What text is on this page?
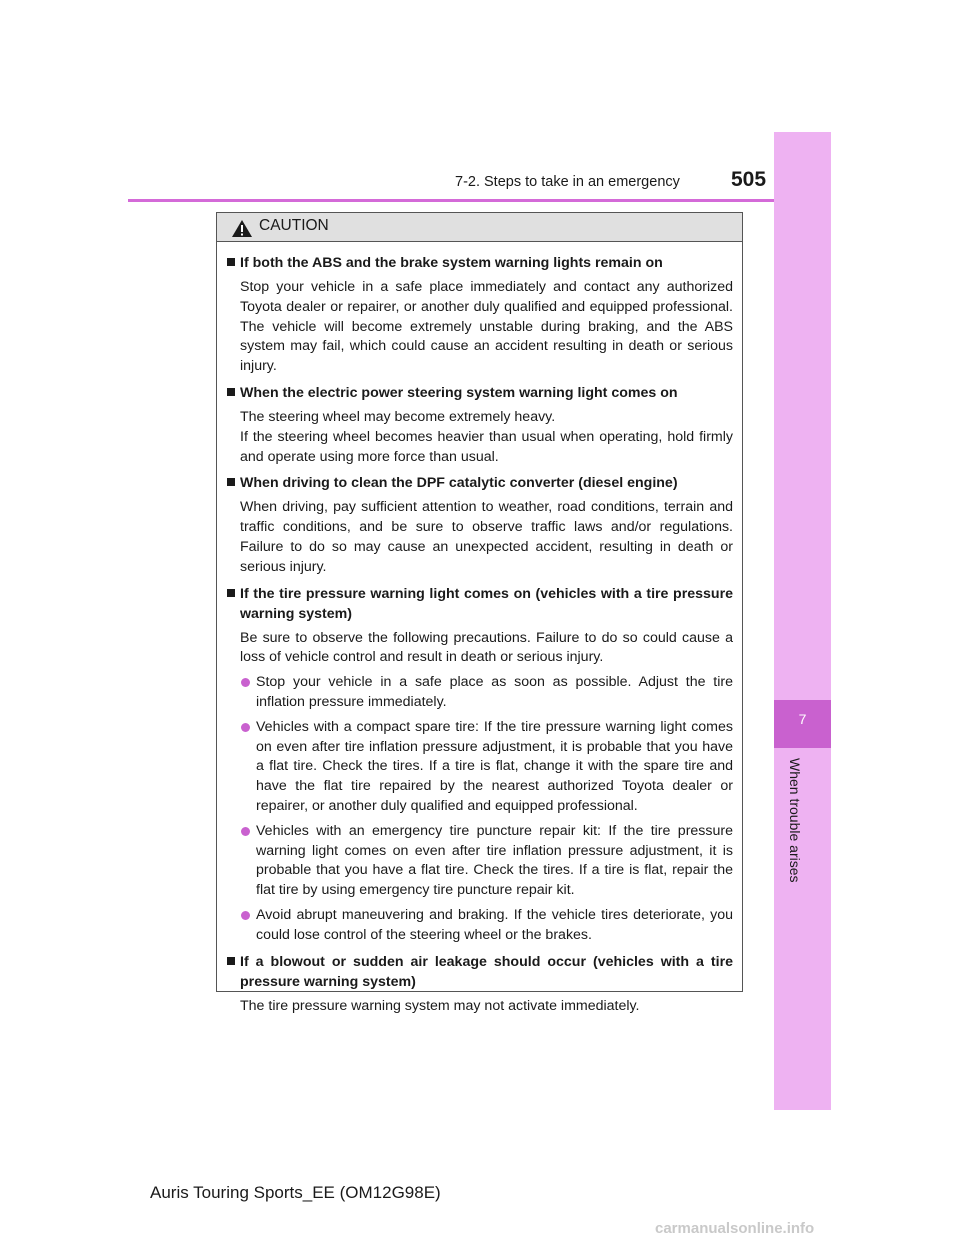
7-2. Steps to take in an emergency 505
7
When trouble arises
CAUTION
If both the ABS and the brake system warning lights remain on
Stop your vehicle in a safe place immediately and contact any authorized Toyota dealer or repairer, or another duly qualified and equipped professional. The vehicle will become extremely unstable during braking, and the ABS system may fail, which could cause an accident resulting in death or serious injury.
When the electric power steering system warning light comes on
The steering wheel may become extremely heavy.
If the steering wheel becomes heavier than usual when operating, hold firmly and operate using more force than usual.
When driving to clean the DPF catalytic converter (diesel engine)
When driving, pay sufficient attention to weather, road conditions, terrain and traffic conditions, and be sure to observe traffic laws and/or regulations. Failure to do so may cause an unexpected accident, resulting in death or serious injury.
If the tire pressure warning light comes on (vehicles with a tire pressure warning system)
Be sure to observe the following precautions. Failure to do so could cause a loss of vehicle control and result in death or serious injury.
Stop your vehicle in a safe place as soon as possible. Adjust the tire inflation pressure immediately.
Vehicles with a compact spare tire: If the tire pressure warning light comes on even after tire inflation pressure adjustment, it is probable that you have a flat tire. Check the tires. If a tire is flat, change it with the spare tire and have the flat tire repaired by the nearest authorized Toyota dealer or repairer, or another duly qualified and equipped professional.
Vehicles with an emergency tire puncture repair kit: If the tire pressure warning light comes on even after tire inflation pressure adjustment, it is probable that you have a flat tire. Check the tires. If a tire is flat, repair the flat tire by using emergency tire puncture repair kit.
Avoid abrupt maneuvering and braking. If the vehicle tires deteriorate, you could lose control of the steering wheel or the brakes.
If a blowout or sudden air leakage should occur (vehicles with a tire pressure warning system)
The tire pressure warning system may not activate immediately.
Auris Touring Sports_EE (OM12G98E)
carmanualsonline.info
